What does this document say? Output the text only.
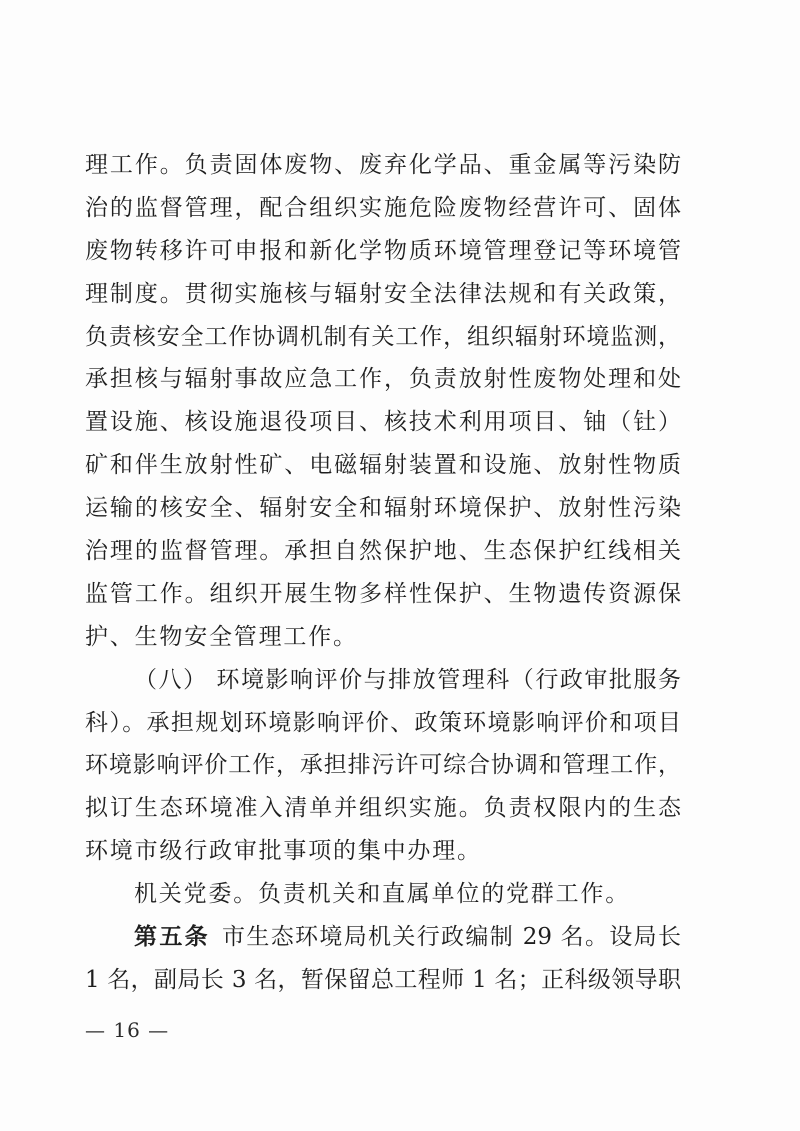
理工作。负责固体废物、废弃化学品、重金属等污染防
治的监督管理，配合组织实施危险废物经营许可、固体
废物转移许可申报和新化学物质环境管理登记等环境管
理制度。贯彻实施核与辐射安全法律法规和有关政策，
负责核安全工作协调机制有关工作，组织辐射环境监测，
承担核与辐射事故应急工作，负责放射性废物处理和处
置设施、核设施退役项目、核技术利用项目、铀（钍）
矿和伴生放射性矿、电磁辐射装置和设施、放射性物质
运输的核安全、辐射安全和辐射环境保护、放射性污染
治理的监督管理。承担自然保护地、生态保护红线相关
监管工作。组织开展生物多样性保护、生物遗传资源保
护、生物安全管理工作。
（八） 环境影响评价与排放管理科（行政审批服务
科）。承担规划环境影响评价、政策环境影响评价和项目
环境影响评价工作，承担排污许可综合协调和管理工作，
拟订生态环境准入清单并组织实施。负责权限内的生态
环境市级行政审批事项的集中办理。
机关党委。负责机关和直属单位的党群工作。
第五条 市生态环境局机关行政编制 29 名。设局长
1 名，副局长 3 名，暂保留总工程师 1 名；正科级领导职
— 16 —
